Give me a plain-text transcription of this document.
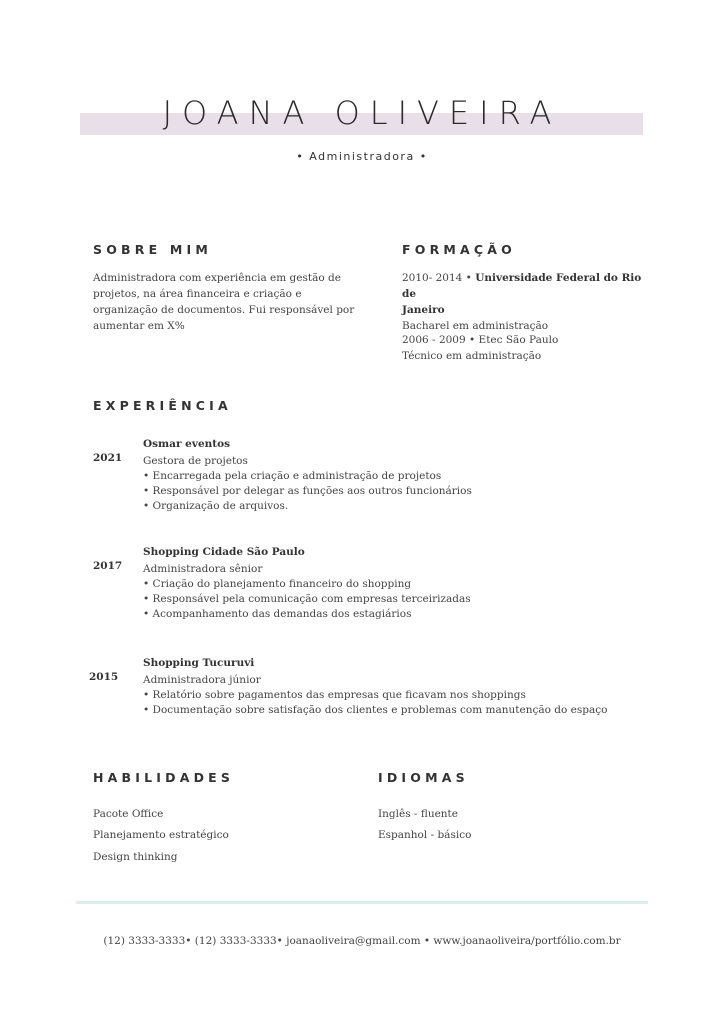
JOANA OLIVEIRA
• Administradora •
SOBRE MIM
Administradora com experiência em gestão de
projetos, na área financeira e criação e
organização de documentos. Fui responsável por
aumentar em X%
FORMAÇÃO
2010- 2014 • Universidade Federal do Rio de
Janeiro
Bacharel em administração
2006 - 2009 • Etec São Paulo
Técnico em administração
EXPERIÊNCIA
2021
Osmar eventos
Gestora de projetos
• Encarregada pela criação e administração de projetos
• Responsável por delegar as funções aos outros funcionários
• Organização de arquivos.
2017
Shopping Cidade São Paulo
Administradora sênior
• Criação do planejamento financeiro do shopping
• Responsável pela comunicação com empresas terceirizadas
• Acompanhamento das demandas dos estagiários
2015
Shopping Tucuruvi
Administradora júnior
• Relatório sobre pagamentos das empresas que ficavam nos shoppings
• Documentação sobre satisfação dos clientes e problemas com manutenção do espaço
HABILIDADES
Pacote Office
Planejamento estratégico
Design thinking
IDIOMAS
Inglês - fluente
Espanhol - básico
(12) 3333-3333• (12) 3333-3333• joanaoliveira@gmail.com • www.joanaoliveira/portfólio.com.br
